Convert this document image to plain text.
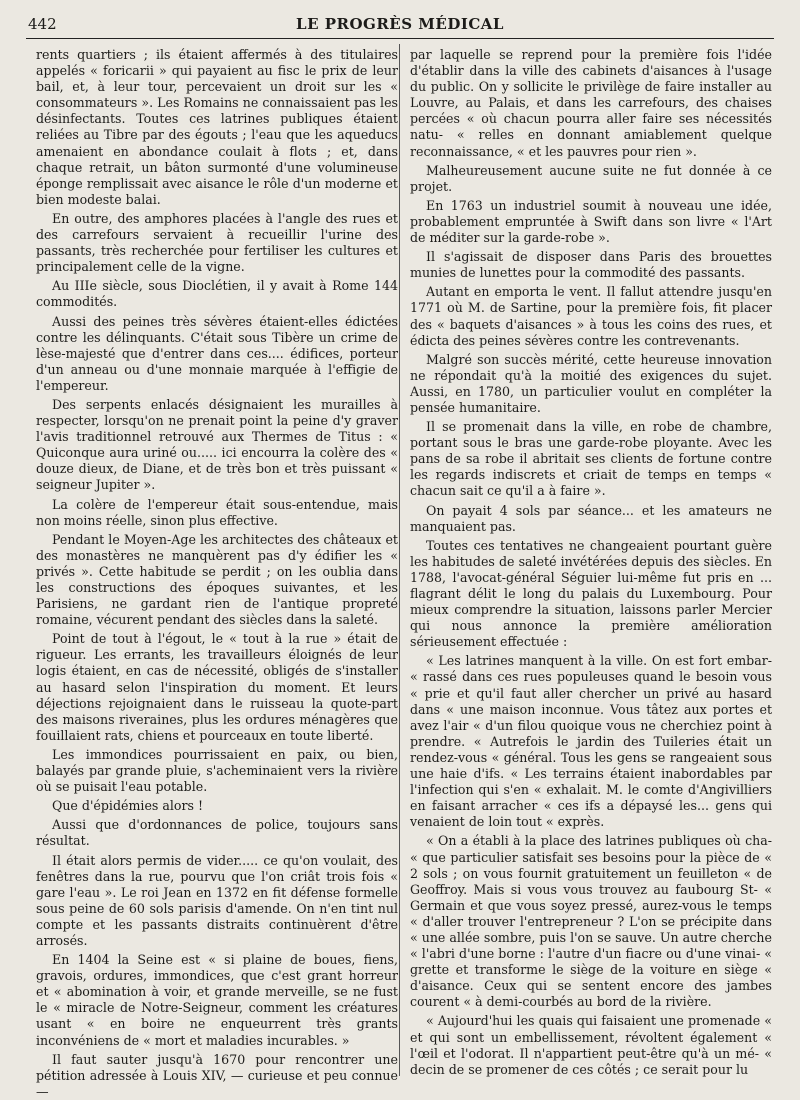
442	LE PROGRÈS MÉDICAL

rents quartiers ; ils étaient affermés à des titulaires appelés « foricarii » qui payaient au fisc le prix de leur bail, et, à leur tour, percevaient un droit sur les « consommateurs ». Les Romains ne connaissaient pas les désinfectants. Toutes ces latrines publiques étaient reliées au Tibre par des égouts ; l'eau que les aqueducs amenaient en abondance coulait à flots ; et, dans chaque retrait, un bâton surmonté d'une volumineuse éponge remplissait avec aisance le rôle d'un moderne et bien modeste balai.

En outre, des amphores placées à l'angle des rues et des carrefours servaient à recueillir l'urine des passants, très recherchée pour fertiliser les cultures et principalement celle de la vigne.

Au IIIe siècle, sous Dioclétien, il y avait à Rome 144 commodités.

Aussi des peines très sévères étaient-elles édictées contre les délinquants. C'était sous Tibère un crime de lèse-majesté que d'entrer dans ces.... édifices, porteur d'un anneau ou d'une monnaie marquée à l'effigie de l'empereur.

Des serpents enlacés désignaient les murailles à respecter, lorsqu'on ne prenait point la peine d'y graver l'avis traditionnel retrouvé aux Thermes de Titus : « Quiconque aura uriné ou..... ici encourra la colère des « douze dieux, de Diane, et de très bon et très puissant « seigneur Jupiter ».

La colère de l'empereur était sous-entendue, mais non moins réelle, sinon plus effective.

Pendant le Moyen-Age les architectes des châteaux et des monastères ne manquèrent pas d'y édifier les « privés ». Cette habitude se perdit ; on les oublia dans les constructions des époques suivantes, et les Parisiens, ne gardant rien de l'antique propreté romaine, vécurent pendant des siècles dans la saleté.

Point de tout à l'égout, le « tout à la rue » était de rigueur. Les errants, les travailleurs éloignés de leur logis étaient, en cas de nécessité, obligés de s'installer au hasard selon l'inspiration du moment. Et leurs déjections rejoignaient dans le ruisseau la quote-part des maisons riveraines, plus les ordures ménagères que fouillaient rats, chiens et pourceaux en toute liberté.

Les immondices pourrissaient en paix, ou bien, balayés par grande pluie, s'acheminaient vers la rivière où se puisait l'eau potable.

Que d'épidémies alors !

Aussi que d'ordonnances de police, toujours sans résultat.

Il était alors permis de vider..... ce qu'on voulait, des fenêtres dans la rue, pourvu que l'on criât trois fois « gare l'eau ». Le roi Jean en 1372 en fit défense formelle sous peine de 60 sols parisis d'amende. On n'en tint nul compte et les passants distraits continuèrent d'être arrosés.

En 1404 la Seine est « si plaine de boues, fiens, gravois, ordures, immondices, que c'est grant horreur et « abomination à voir, et grande merveille, se ne fust le « miracle de Notre-Seigneur, comment les créatures usant « en boire ne enqueurrent très grants inconvéniens de « mort et maladies incurables. »

Il faut sauter jusqu'à 1670 pour rencontrer une pétition adressée à Louis XIV, — curieuse et peu connue —

par laquelle se reprend pour la première fois l'idée d'établir dans la ville des cabinets d'aisances à l'usage du public. On y sollicite le privilège de faire installer au Louvre, au Palais, et dans les carrefours, des chaises percées « où chacun pourra aller faire ses nécessités natu- « relles en donnant amiablement quelque reconnaissance, « et les pauvres pour rien ».

Malheureusement aucune suite ne fut donnée à ce projet.

En 1763 un industriel soumit à nouveau une idée, probablement empruntée à Swift dans son livre « l'Art de méditer sur la garde-robe ».

Il s'agissait de disposer dans Paris des brouettes munies de lunettes pour la commodité des passants.

Autant en emporta le vent. Il fallut attendre jusqu'en 1771 où M. de Sartine, pour la première fois, fit placer des « baquets d'aisances » à tous les coins des rues, et édicta des peines sévères contre les contrevenants.

Malgré son succès mérité, cette heureuse innovation ne répondait qu'à la moitié des exigences du sujet. Aussi, en 1780, un particulier voulut en compléter la pensée humanitaire.

Il se promenait dans la ville, en robe de chambre, portant sous le bras une garde-robe ployante. Avec les pans de sa robe il abritait ses clients de fortune contre les regards indiscrets et criait de temps en temps « chacun sait ce qu'il a à faire ».

On payait 4 sols par séance... et les amateurs ne manquaient pas.

Toutes ces tentatives ne changeaient pourtant guère les habitudes de saleté invétérées depuis des siècles. En 1788, l'avocat-général Séguier lui-même fut pris en ... flagrant délit le long du palais du Luxembourg. Pour mieux comprendre la situation, laissons parler Mercier qui nous annonce la première amélioration sérieusement effectuée :

« Les latrines manquent à la ville. On est fort embar- « rassé dans ces rues populeuses quand le besoin vous « prie et qu'il faut aller chercher un privé au hasard dans « une maison inconnue. Vous tâtez aux portes et avez l'air « d'un filou quoique vous ne cherchiez point à prendre. « Autrefois le jardin des Tuileries était un rendez-vous « général. Tous les gens se rangeaient sous une haie d'ifs. « Les terrains étaient inabordables par l'infection qui s'en « exhalait. M. le comte d'Angivilliers en faisant arracher « ces ifs a dépaysé les... gens qui venaient de loin tout « exprès.

« On a établi à la place des latrines publiques où cha- « que particulier satisfait ses besoins pour la pièce de « 2 sols ; on vous fournit gratuitement un feuilleton « de Geoffroy. Mais si vous vous trouvez au faubourg St- « Germain et que vous soyez pressé, aurez-vous le temps « d'aller trouver l'entrepreneur ? L'on se précipite dans « une allée sombre, puis l'on se sauve. Un autre cherche « l'abri d'une borne : l'autre d'un fiacre ou d'une vinai- « grette et transforme le siège de la voiture en siège « d'aisance. Ceux qui se sentent encore des jambes courent « à demi-courbés au bord de la rivière.

« Aujourd'hui les quais qui faisaient une promenade « et qui sont un embellissement, révoltent également « l'œil et l'odorat. Il n'appartient peut-être qu'à un mé- « decin de se promener de ces côtés ; ce serait pour lu
